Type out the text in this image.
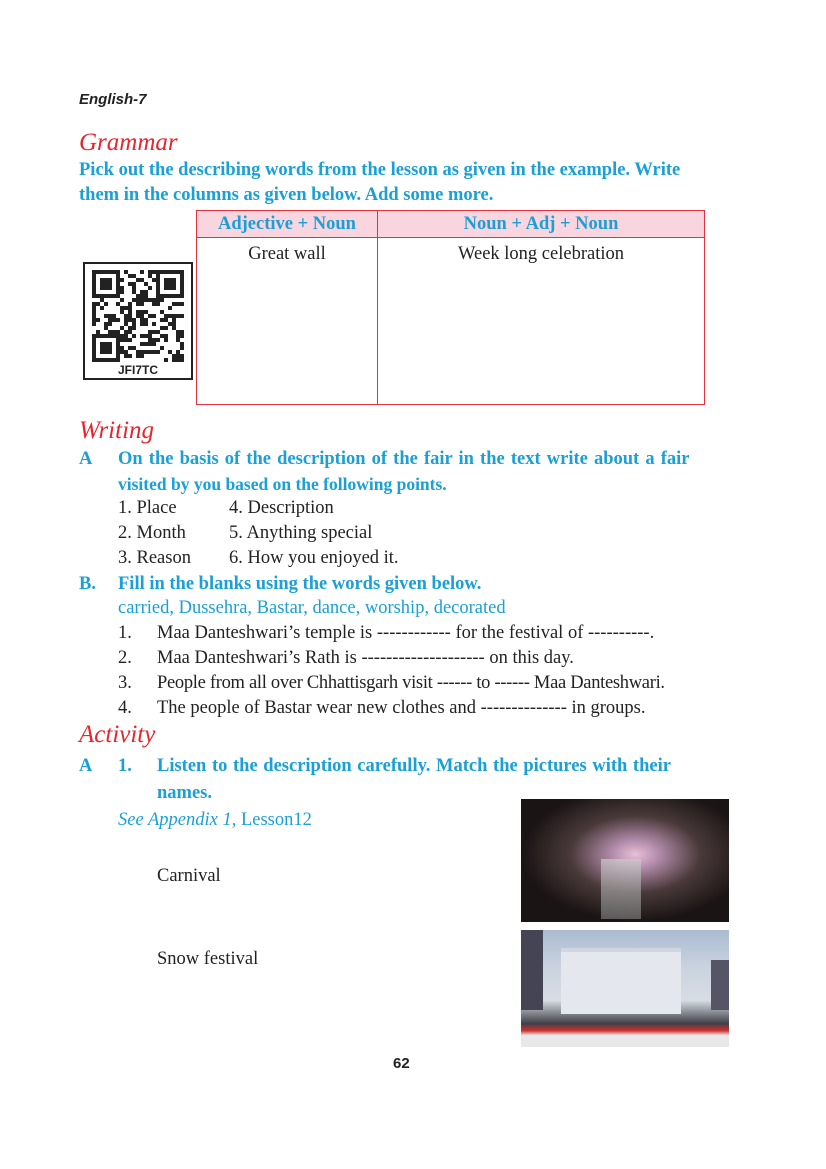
English-7
Grammar
Pick out the describing words from the lesson as given in the example. Write
them in the columns as given below. Add some more.
Adjective + Noun	Noun + Adj + Noun
Great wall	Week long celebration
JFI7TC
Writing
A On the basis of the description of the fair in the text write about a fair
visited by you based on the following points.
1. Place	4. Description
2. Month 5. Anything special
3. Reason 6. How you enjoyed it.
B. Fill in the blanks using the words given below.
carried, Dussehra, Bastar, dance, worship, decorated
1. Maa Danteshwari’s temple is ------------ for the festival of ----------.
2. Maa Danteshwari’s Rath is -------------------- on this day.
3. People from all over Chhattisgarh visit ------ to ------ Maa Danteshwari.
4. The people of Bastar wear new clothes and -------------- in groups.
Activity
A 1. Listen to the description carefully. Match the pictures with their
names.
See Appendix 1, Lesson12
Carnival
Snow festival
62
